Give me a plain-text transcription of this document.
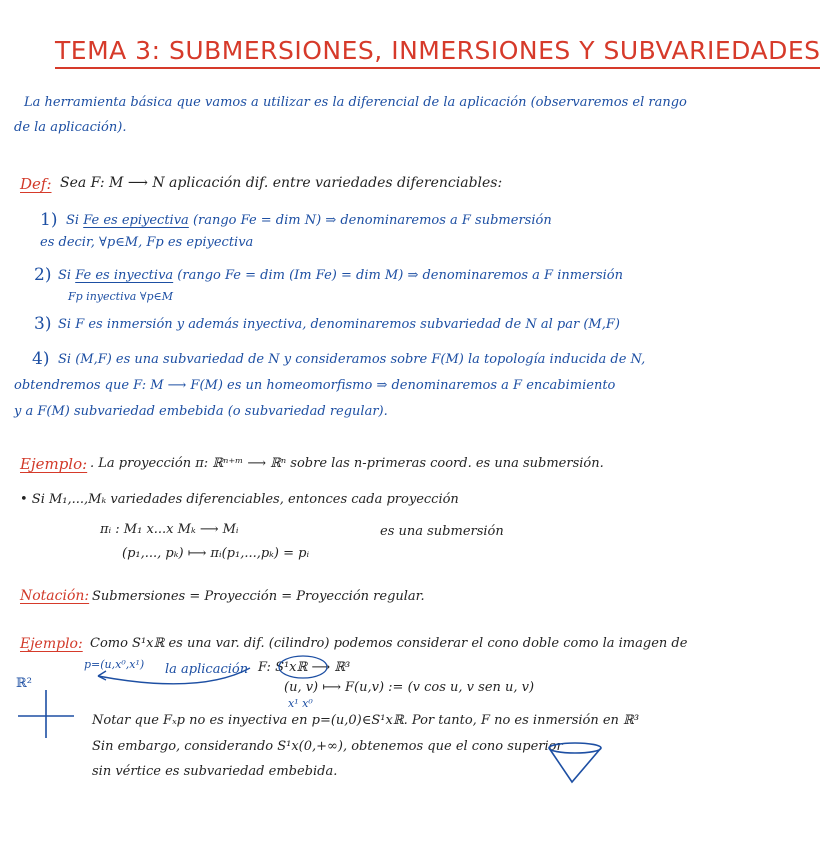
TEMA 3: SUBMERSIONES, INMERSIONES Y SUBVARIEDADES
La herramienta básica que vamos a utilizar es la diferencial de la aplicación (observaremos el rango
de la aplicación).
Def: Sea F: M ⟶ N aplicación dif. entre variedades diferenciables:
1) Si Fe es epiyectiva (rango Fe = dim N) ⇒ denominaremos a F submersión
es decir, ∀p∈M, Fp es epiyectiva
2) Si Fe es inyectiva (rango Fe = dim (Im Fe) = dim M) ⇒ denominaremos a F inmersión
Fp inyectiva ∀p∈M
3) Si F es inmersión y además inyectiva, denominaremos subvariedad de N al par (M,F)
4) Si (M,F) es una subvariedad de N y consideramos sobre F(M) la topología inducida de N,
obtendremos que F: M ⟶ F(M) es un homeomorfismo ⇒ denominaremos a F encabimiento
y a F(M) subvariedad embebida (o subvariedad regular).
Ejemplo: . La proyección π: ℝⁿ⁺ᵐ ⟶ ℝⁿ sobre las n-primeras coord. es una submersión.
• Si M₁,...,Mₖ variedades diferenciables, entonces cada proyección
πᵢ : M₁ x...x Mₖ ⟶ Mᵢ	es una submersión
(p₁,..., pₖ) ⟼ πᵢ(p₁,...,pₖ) = pᵢ
Notación: Submersiones = Proyección = Proyección regular.
Ejemplo: Como S¹xℝ es una var. dif. (cilindro) podemos considerar el cono doble como la imagen de
p=(u,x⁰,x¹) la aplicación F: S¹xℝ ⟶ ℝ³
(u, v) ⟼ F(u,v) := (v cos u, v sen u, v)
x¹ x⁰
ℝ²
Notar que Fₓp no es inyectiva en p=(u,0)∈S¹xℝ. Por tanto, F no es inmersión en ℝ³
Sin embargo, considerando S¹x(0,+∞), obtenemos que el cono superior
sin vértice es subvariedad embebida.
